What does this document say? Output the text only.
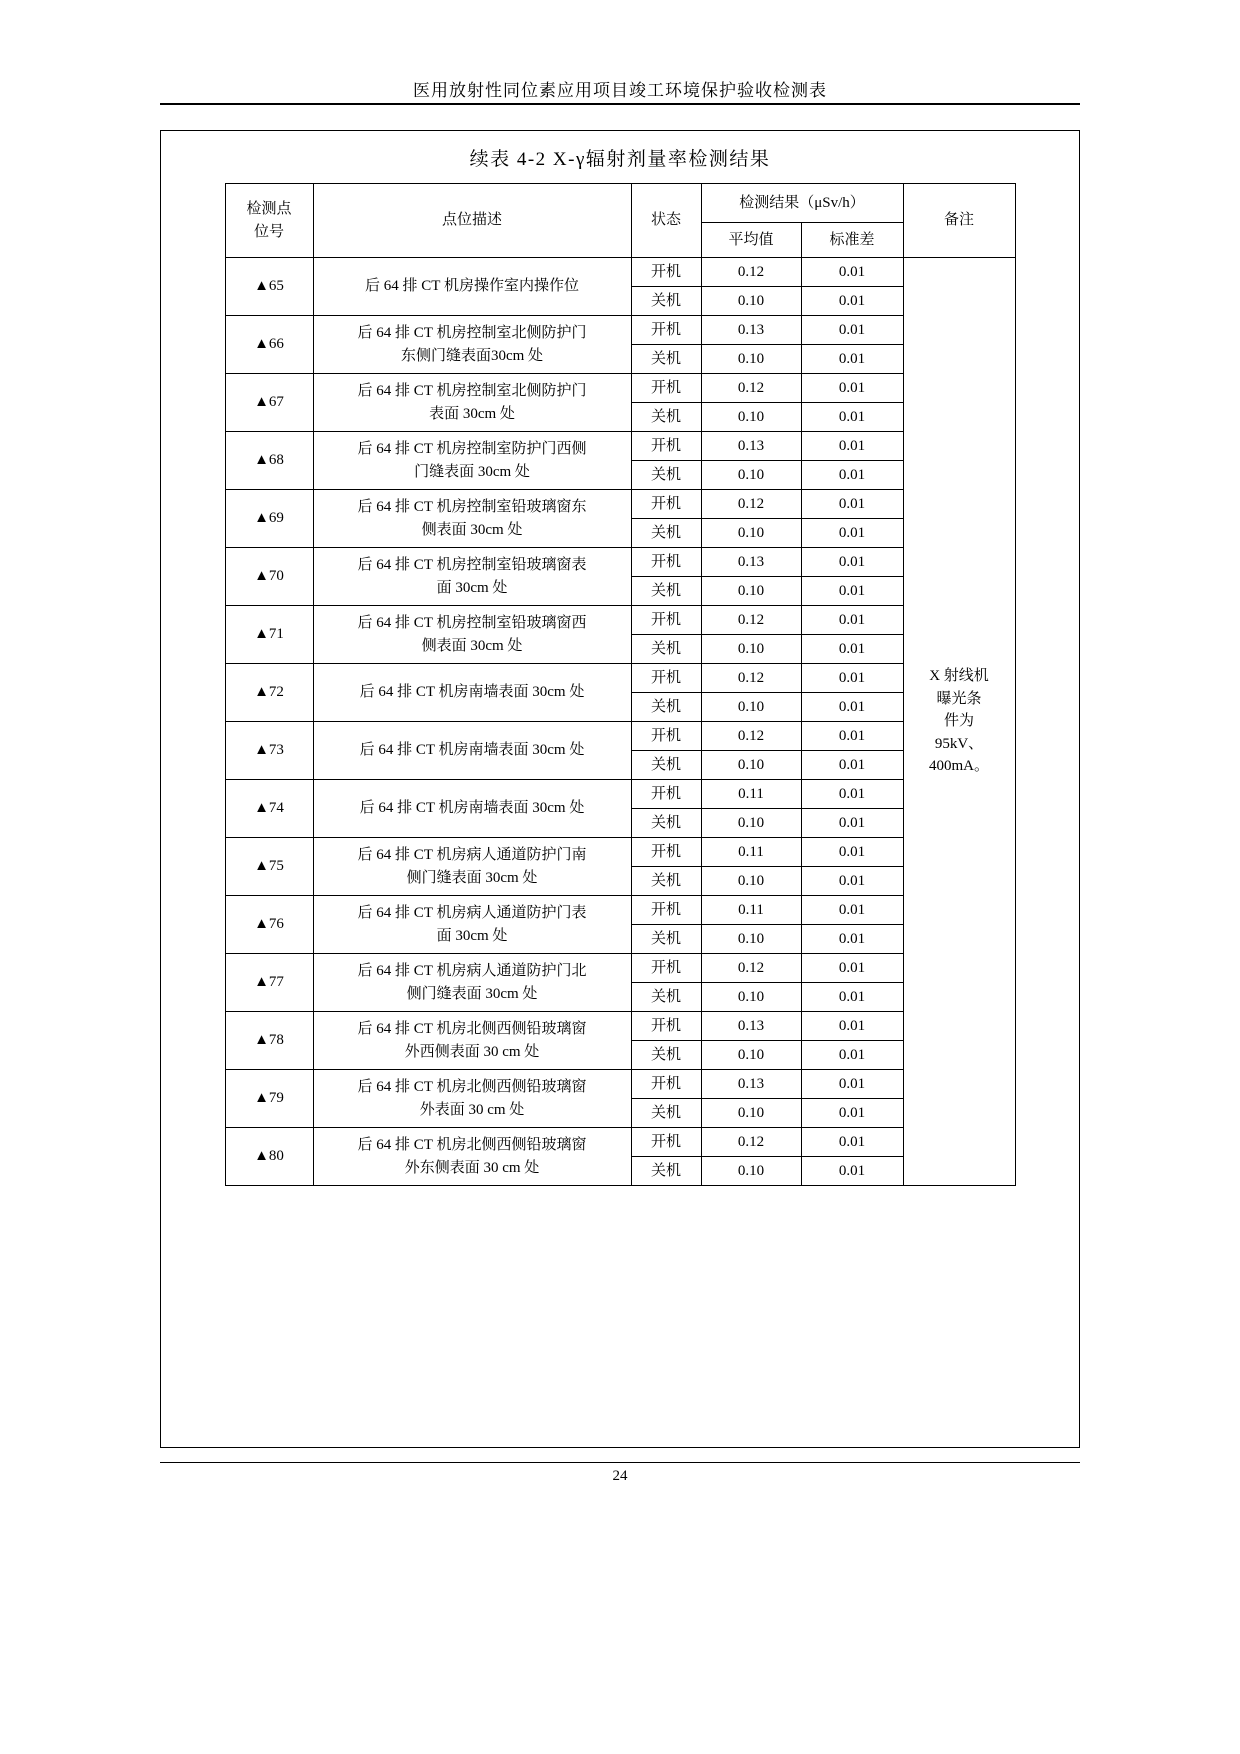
医用放射性同位素应用项目竣工环境保护验收检测表
续表 4-2 X-γ辐射剂量率检测结果
检测点
位号	点位描述	状态	检测结果（μSv/h）		备注
			平均值	标准差	
▲65	后 64 排 CT 机房操作室内操作位	开机	0.12	0.01	X 射线机
曝光条
件为
95kV、
400mA。

		关机	0.10	0.01	
▲66	后 64 排 CT 机房控制室北侧防护门
东侧门缝表面30cm 处	开机	0.13	0.01	
		关机	0.10	0.01	
▲67	后 64 排 CT 机房控制室北侧防护门
表面 30cm 处	开机	0.12	0.01	
		关机	0.10	0.01	
▲68	后 64 排 CT 机房控制室防护门西侧
门缝表面 30cm 处	开机	0.13	0.01	
		关机	0.10	0.01	
▲69	后 64 排 CT 机房控制室铅玻璃窗东
侧表面 30cm 处	开机	0.12	0.01	
		关机	0.10	0.01	
▲70	后 64 排 CT 机房控制室铅玻璃窗表
面 30cm 处	开机	0.13	0.01	
		关机	0.10	0.01	
▲71	后 64 排 CT 机房控制室铅玻璃窗西
侧表面 30cm 处	开机	0.12	0.01	
		关机	0.10	0.01	
▲72	后 64 排 CT 机房南墙表面 30cm 处	开机	0.12	0.01	
		关机	0.10	0.01	
▲73	后 64 排 CT 机房南墙表面 30cm 处	开机	0.12	0.01	
		关机	0.10	0.01	
▲74	后 64 排 CT 机房南墙表面 30cm 处	开机	0.11	0.01	
		关机	0.10	0.01	
▲75	后 64 排 CT 机房病人通道防护门南
侧门缝表面 30cm 处	开机	0.11	0.01	
		关机	0.10	0.01	
▲76	后 64 排 CT 机房病人通道防护门表
面 30cm 处	开机	0.11	0.01	
		关机	0.10	0.01	
▲77	后 64 排 CT 机房病人通道防护门北
侧门缝表面 30cm 处	开机	0.12	0.01	
		关机	0.10	0.01	
▲78	后 64 排 CT 机房北侧西侧铅玻璃窗
外西侧表面 30 cm 处	开机	0.13	0.01	
		关机	0.10	0.01	
▲79	后 64 排 CT 机房北侧西侧铅玻璃窗
外表面 30 cm 处	开机	0.13	0.01	
		关机	0.10	0.01	
▲80	后 64 排 CT 机房北侧西侧铅玻璃窗
外东侧表面 30 cm 处	开机	0.12	0.01	
		关机	0.10	0.01	
24
